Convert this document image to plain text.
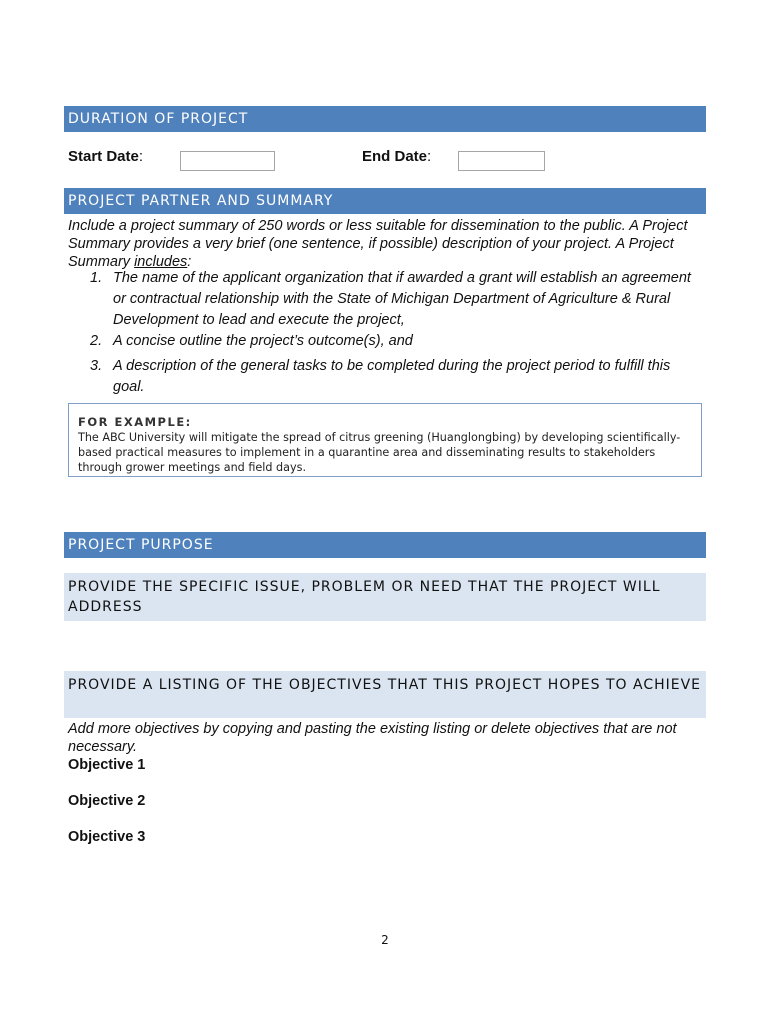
DURATION OF PROJECT
Start Date:	End Date:
PROJECT PARTNER AND SUMMARY
Include a project summary of 250 words or less suitable for dissemination to the public. A Project Summary provides a very brief (one sentence, if possible) description of your project. A Project Summary includes:
1. The name of the applicant organization that if awarded a grant will establish an agreement or contractual relationship with the State of Michigan Department of Agriculture & Rural Development to lead and execute the project,
2. A concise outline the project’s outcome(s), and
3. A description of the general tasks to be completed during the project period to fulfill this goal.
FOR EXAMPLE:
The ABC University will mitigate the spread of citrus greening (Huanglongbing) by developing scientifically-based practical measures to implement in a quarantine area and disseminating results to stakeholders through grower meetings and field days.
PROJECT PURPOSE
PROVIDE THE SPECIFIC ISSUE, PROBLEM OR NEED THAT THE PROJECT WILL ADDRESS
PROVIDE A LISTING OF THE OBJECTIVES THAT THIS PROJECT HOPES TO ACHIEVE
Add more objectives by copying and pasting the existing listing or delete objectives that are not necessary.
Objective 1
Objective 2
Objective 3
2
